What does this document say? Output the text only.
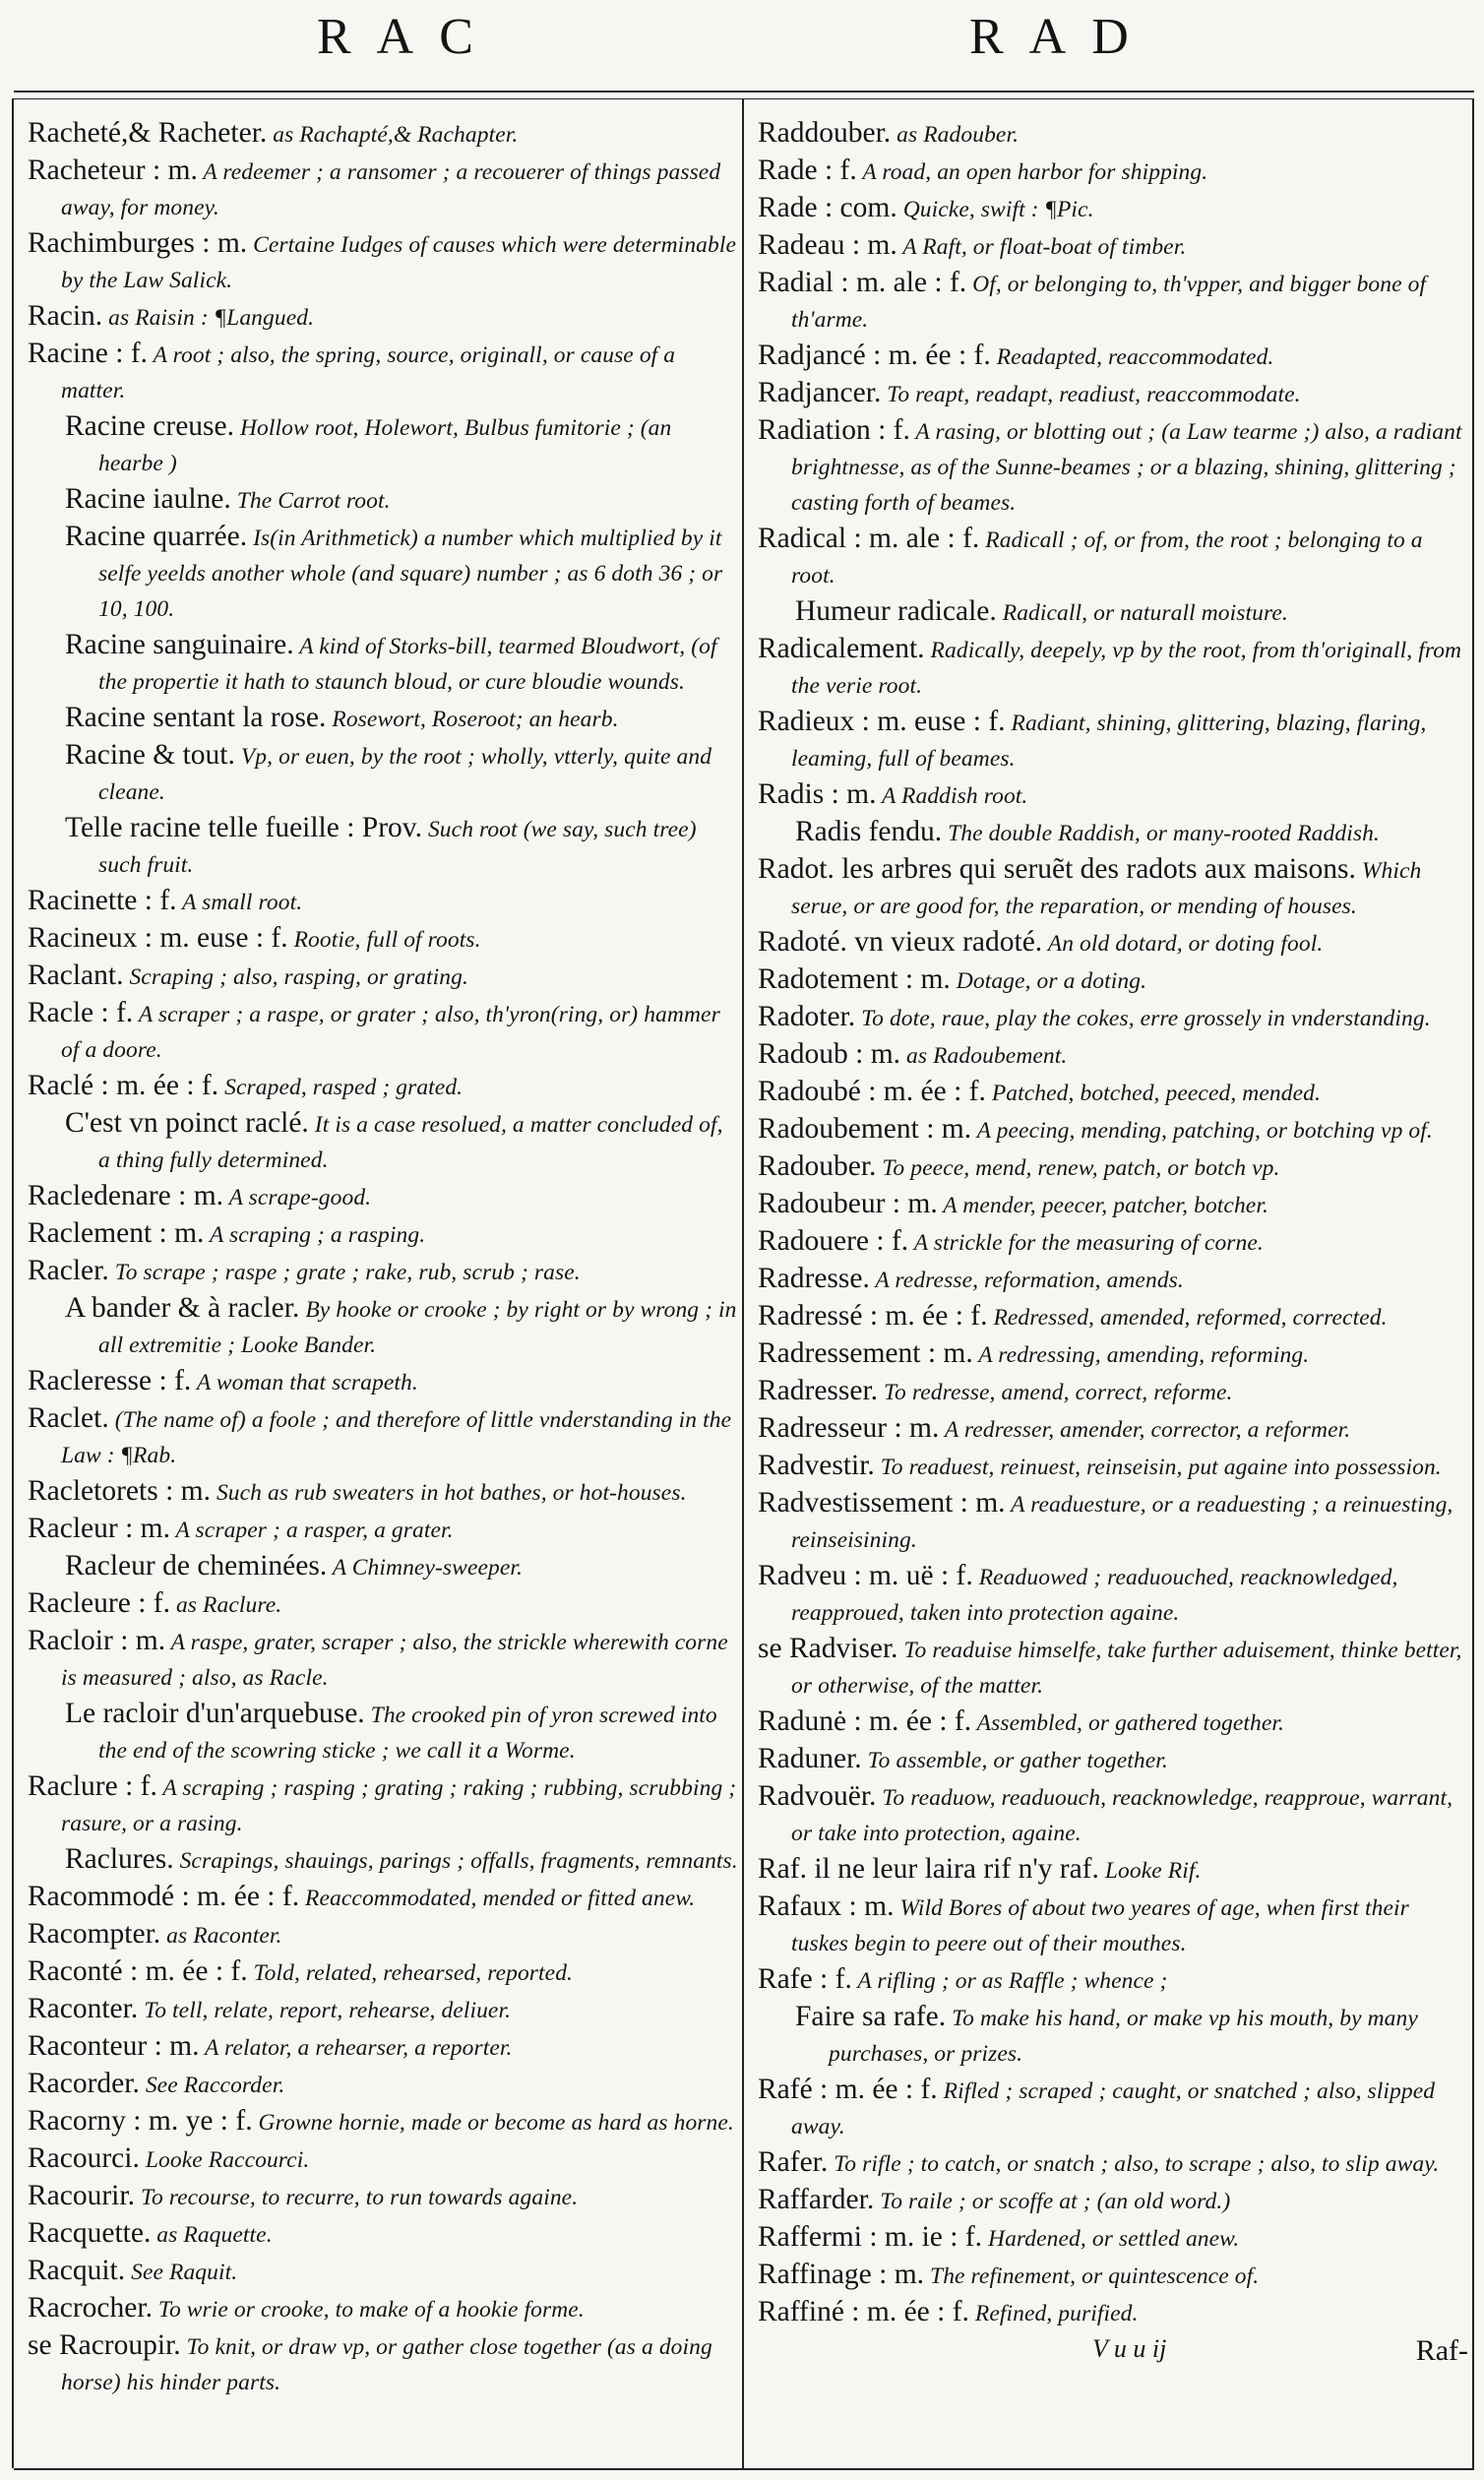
RAC	RAD
Racheté,& Racheter. as Rachapté,& Rachapter.
Racheteur : m. A redeemer ; a ransomer ; a recouerer of things passed away, for money.
Rachimburges : m. Certaine Iudges of causes which were determinable by the Law Salick.
Racin. as Raisin : ¶Langued.
Racine : f. A root ; also, the spring, source, originall, or cause of a matter.
Racine creuse. Hollow root, Holewort, Bulbus fumitorie ; (an hearbe )
Racine iaulne. The Carrot root.
Racine quarrée. Is(in Arithmetick) a number which multiplied by it selfe yeelds another whole (and square) number ; as 6 doth 36 ; or 10, 100.
Racine sanguinaire. A kind of Storks-bill, tearmed Bloudwort, (of the propertie it hath to staunch bloud, or cure bloudie wounds.
Racine sentant la rose. Rosewort, Roseroot; an hearb.
Racine & tout. Vp, or euen, by the root ; wholly, vtterly, quite and cleane.
Telle racine telle fueille : Prov. Such root (we say, such tree) such fruit.
Racinette : f. A small root.
Racineux : m. euse : f. Rootie, full of roots.
Raclant. Scraping ; also, rasping, or grating.
Racle : f. A scraper ; a raspe, or grater ; also, th'yron(ring, or) hammer of a doore.
Raclé : m. ée : f. Scraped, rasped ; grated.
C'est vn poinct raclé. It is a case resolued, a matter concluded of, a thing fully determined.
Racledenare : m. A scrape-good.
Raclement : m. A scraping ; a rasping.
Racler. To scrape ; raspe ; grate ; rake, rub, scrub ; rase.
A bander & à racler. By hooke or crooke ; by right or by wrong ; in all extremitie ; Looke Bander.
Racleresse : f. A woman that scrapeth.
Raclet. (The name of) a foole ; and therefore of little vnderstanding in the Law : ¶Rab.
Racletorets : m. Such as rub sweaters in hot bathes, or hot-houses.
Racleur : m. A scraper ; a rasper, a grater.
Racleur de cheminées. A Chimney-sweeper.
Racleure : f. as Raclure.
Racloir : m. A raspe, grater, scraper ; also, the strickle wherewith corne is measured ; also, as Racle.
Le racloir d'un'arquebuse. The crooked pin of yron screwed into the end of the scowring sticke ; we call it a Worme.
Raclure : f. A scraping ; rasping ; grating ; raking ; rubbing, scrubbing ; rasure, or a rasing.
Raclures. Scrapings, shauings, parings ; offalls, fragments, remnants.
Racommodé : m. ée : f. Reaccommodated, mended or fitted anew.
Racompter. as Raconter.
Raconté : m. ée : f. Told, related, rehearsed, reported.
Raconter. To tell, relate, report, rehearse, deliuer.
Raconteur : m. A relator, a rehearser, a reporter.
Racorder. See Raccorder.
Racorny : m. ye : f. Growne hornie, made or become as hard as horne.
Racourci. Looke Raccourci.
Racourir. To recourse, to recurre, to run towards againe.
Racquette. as Raquette.
Racquit. See Raquit.
Racrocher. To wrie or crooke, to make of a hookie forme.
se Racroupir. To knit, or draw vp, or gather close together (as a doing horse) his hinder parts.
Raddouber. as Radouber.
Rade : f. A road, an open harbor for shipping.
Rade : com. Quicke, swift : ¶Pic.
Radeau : m. A Raft, or float-boat of timber.
Radial : m. ale : f. Of, or belonging to, th'vpper, and bigger bone of th'arme.
Radjancé : m. ée : f. Readapted, reaccommodated.
Radjancer. To reapt, readapt, readiust, reaccommodate.
Radiation : f. A rasing, or blotting out ; (a Law tearme ;) also, a radiant brightnesse, as of the Sunne-beames ; or a blazing, shining, glittering ; casting forth of beames.
Radical : m. ale : f. Radicall ; of, or from, the root ; belonging to a root.
Humeur radicale. Radicall, or naturall moisture.
Radicalement. Radically, deepely, vp by the root, from th'originall, from the verie root.
Radieux : m. euse : f. Radiant, shining, glittering, blazing, flaring, leaming, full of beames.
Radis : m. A Raddish root.
Radis fendu. The double Raddish, or many-rooted Raddish.
Radot. les arbres qui seruẽt des radots aux maisons. Which serue, or are good for, the reparation, or mending of houses.
Radoté. vn vieux radoté. An old dotard, or doting fool.
Radotement : m. Dotage, or a doting.
Radoter. To dote, raue, play the cokes, erre grossely in vnderstanding.
Radoub : m. as Radoubement.
Radoubé : m. ée : f. Patched, botched, peeced, mended.
Radoubement : m. A peecing, mending, patching, or botching vp of.
Radouber. To peece, mend, renew, patch, or botch vp.
Radoubeur : m. A mender, peecer, patcher, botcher.
Radouere : f. A strickle for the measuring of corne.
Radresse. A redresse, reformation, amends.
Radressé : m. ée : f. Redressed, amended, reformed, corrected.
Radressement : m. A redressing, amending, reforming.
Radresser. To redresse, amend, correct, reforme.
Radresseur : m. A redresser, amender, corrector, a reformer.
Radvestir. To readuest, reinuest, reinseisin, put againe into possession.
Radvestissement : m. A readuesture, or a readuesting ; a reinuesting, reinseisining.
Radveu : m. uë : f. Readuowed ; readuouched, reacknowledged, reapproued, taken into protection againe.
se Radviser. To readuise himselfe, take further aduisement, thinke better, or otherwise, of the matter.
Radunė : m. ée : f. Assembled, or gathered together.
Raduner. To assemble, or gather together.
Radvouër. To readuow, readuouch, reacknowledge, reapproue, warrant, or take into protection, againe.
Raf. il ne leur laira rif n'y raf. Looke Rif.
Rafaux : m. Wild Bores of about two yeares of age, when first their tuskes begin to peere out of their mouthes.
Rafe : f. A rifling ; or as Raffle ; whence ;
Faire sa rafe. To make his hand, or make vp his mouth, by many purchases, or prizes.
Rafé : m. ée : f. Rifled ; scraped ; caught, or snatched ; also, slipped away.
Rafer. To rifle ; to catch, or snatch ; also, to scrape ; also, to slip away.
Raffarder. To raile ; or scoffe at ; (an old word.)
Raffermi : m. ie : f. Hardened, or settled anew.
Raffinage : m. The refinement, or quintescence of.
Raffiné : m. ée : f. Refined, purified.
V u u ij	Raf-
